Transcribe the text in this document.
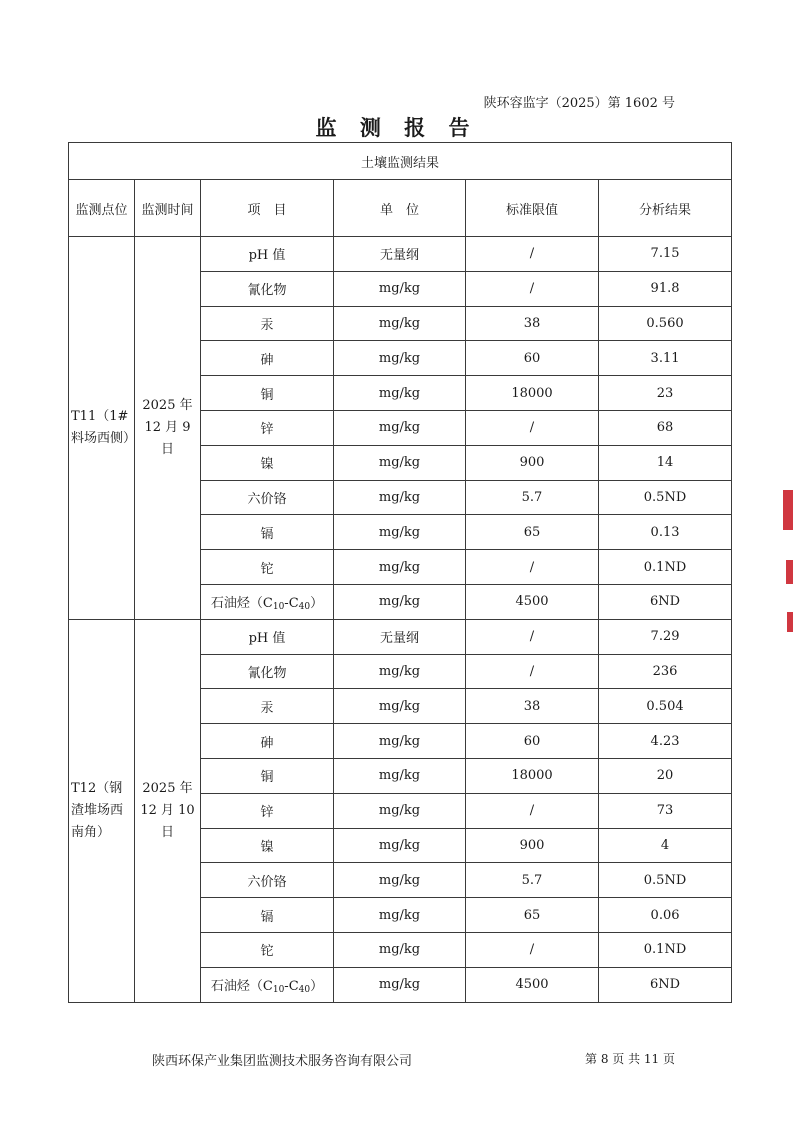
陕环容监字（2025）第 1602 号
监 测 报 告
土壤监测结果					
监测点位	监测时间	项　目	单　位	标准限值	分析结果
T11（1#料场西侧）	2025 年 12 月 9 日	pH 值	无量纲	/	7.15
		氰化物	mg/kg	/	91.8
		汞	mg/kg	38	0.560
		砷	mg/kg	60	3.11
		铜	mg/kg	18000	23
		锌	mg/kg	/	68
		镍	mg/kg	900	14
		六价铬	mg/kg	5.7	0.5ND
		镉	mg/kg	65	0.13
		铊	mg/kg	/	0.1ND
		石油烃$(C_{10}-C_{40})$	mg/kg	4500	6ND
T12（钢渣堆场西南角）	2025 年 12 月 10 日	pH 值	无量纲	/	7.29
		氰化物	mg/kg	/	236
		汞	mg/kg	38	0.504
		砷	mg/kg	60	4.23
		铜	mg/kg	18000	20
		锌	mg/kg	/	73
		镍	mg/kg	900	4
		六价铬	mg/kg	5.7	0.5ND
		镉	mg/kg	65	0.06
		铊	mg/kg	/	0.1ND
		石油烃$(C_{10}-C_{40})$	mg/kg	4500	6ND
陕西环保产业集团监测技术服务咨询有限公司	第 8 页 共 11 页
